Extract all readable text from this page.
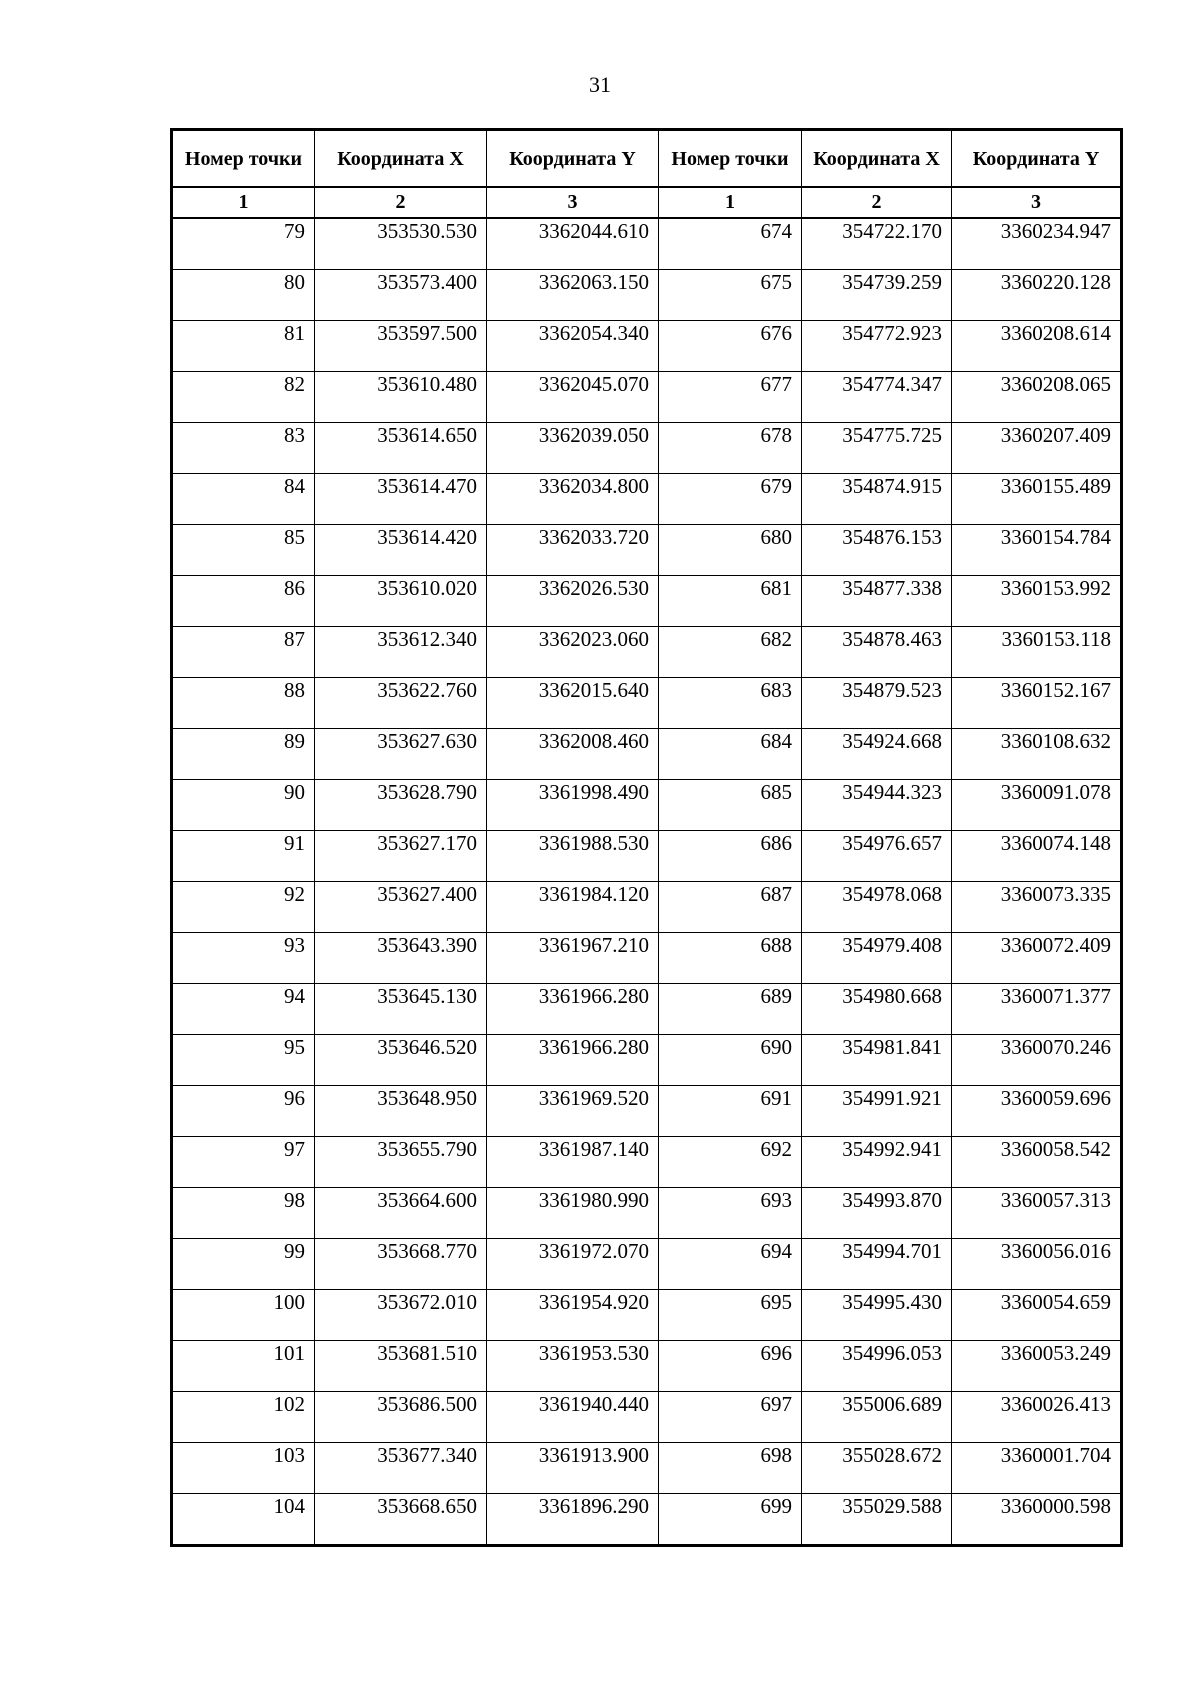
31
Номер точки	Координата X	Координата Y	Номер точки	Координата X	Координата Y
1	2	3	1	2	3
79	353530.530	3362044.610	674	354722.170	3360234.947
80	353573.400	3362063.150	675	354739.259	3360220.128
81	353597.500	3362054.340	676	354772.923	3360208.614
82	353610.480	3362045.070	677	354774.347	3360208.065
83	353614.650	3362039.050	678	354775.725	3360207.409
84	353614.470	3362034.800	679	354874.915	3360155.489
85	353614.420	3362033.720	680	354876.153	3360154.784
86	353610.020	3362026.530	681	354877.338	3360153.992
87	353612.340	3362023.060	682	354878.463	3360153.118
88	353622.760	3362015.640	683	354879.523	3360152.167
89	353627.630	3362008.460	684	354924.668	3360108.632
90	353628.790	3361998.490	685	354944.323	3360091.078
91	353627.170	3361988.530	686	354976.657	3360074.148
92	353627.400	3361984.120	687	354978.068	3360073.335
93	353643.390	3361967.210	688	354979.408	3360072.409
94	353645.130	3361966.280	689	354980.668	3360071.377
95	353646.520	3361966.280	690	354981.841	3360070.246
96	353648.950	3361969.520	691	354991.921	3360059.696
97	353655.790	3361987.140	692	354992.941	3360058.542
98	353664.600	3361980.990	693	354993.870	3360057.313
99	353668.770	3361972.070	694	354994.701	3360056.016
100	353672.010	3361954.920	695	354995.430	3360054.659
101	353681.510	3361953.530	696	354996.053	3360053.249
102	353686.500	3361940.440	697	355006.689	3360026.413
103	353677.340	3361913.900	698	355028.672	3360001.704
104	353668.650	3361896.290	699	355029.588	3360000.598
